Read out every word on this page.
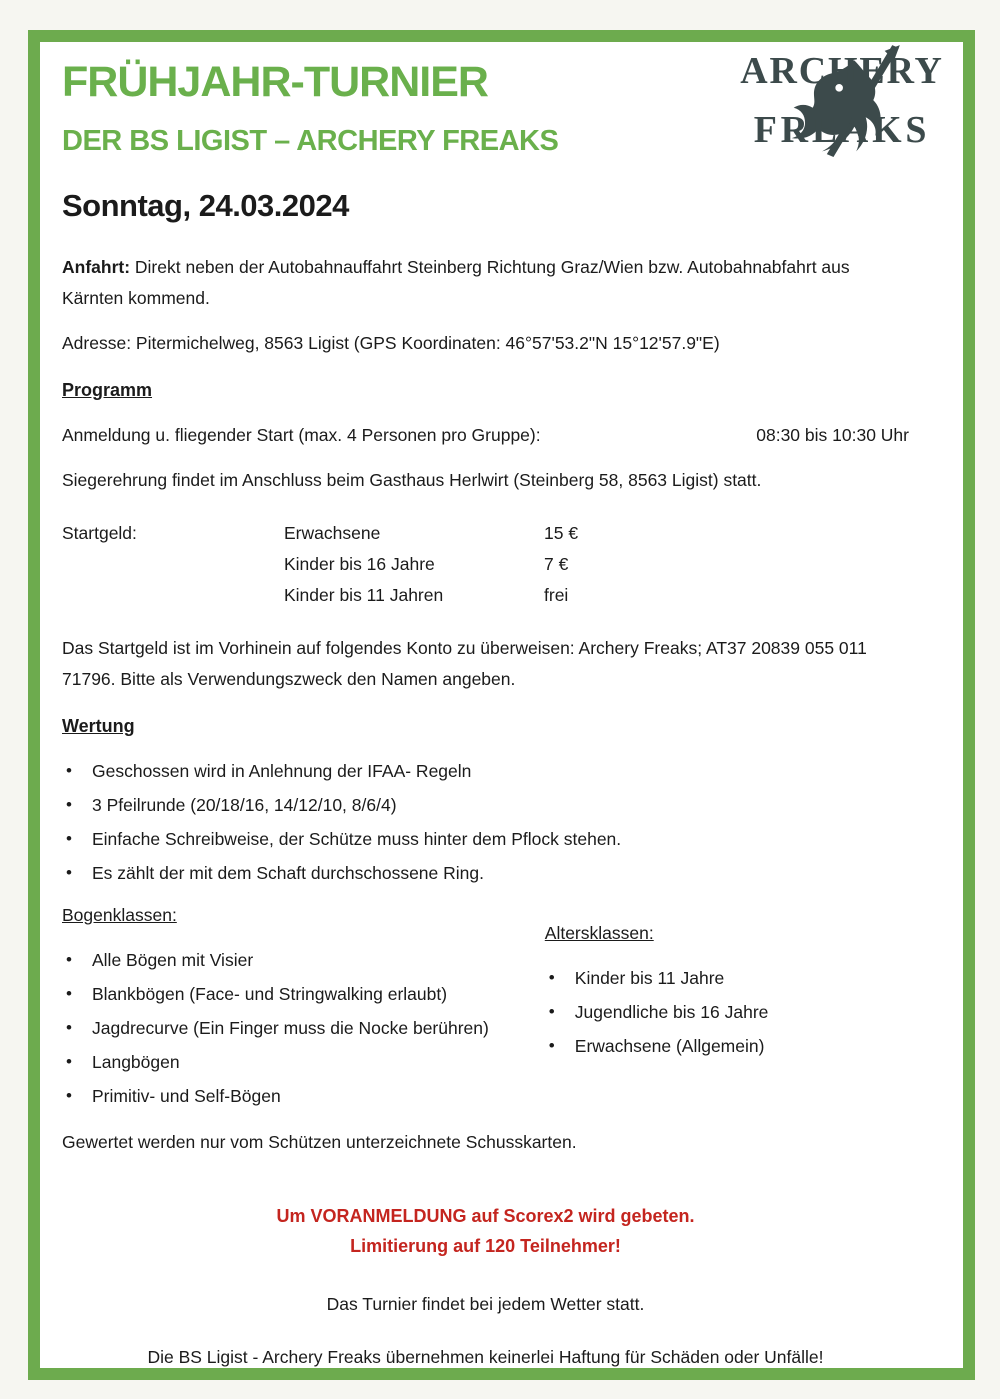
ARCHERY
FREAKS
FRÜHJAHR-TURNIER
DER BS LIGIST – ARCHERY FREAKS
Sonntag, 24.03.2024

Anfahrt: Direkt neben der Autobahnauffahrt Steinberg Richtung Graz/Wien bzw. Autobahnabfahrt aus Kärnten kommend.

Adresse: Pitermichelweg, 8563 Ligist (GPS Koordinaten: 46°57'53.2"N 15°12'57.9"E)

Programm
Anmeldung u. fliegender Start (max. 4 Personen pro Gruppe):	08:30 bis 10:30 Uhr

Siegerehrung findet im Anschluss beim Gasthaus Herlwirt (Steinberg 58, 8563 Ligist) statt.

Startgeld:	Erwachsene	15 €
Kinder bis 16 Jahre	7 €
Kinder bis 11 Jahren	frei

Das Startgeld ist im Vorhinein auf folgendes Konto zu überweisen: Archery Freaks; AT37 20839 055 011 71796. Bitte als Verwendungszweck den Namen angeben.

Wertung
• Geschossen wird in Anlehnung der IFAA- Regeln
• 3 Pfeilrunde (20/18/16, 14/12/10, 8/6/4)
• Einfache Schreibweise, der Schütze muss hinter dem Pflock stehen.
• Es zählt der mit dem Schaft durchschossene Ring.
Bogenklassen:
• Alle Bögen mit Visier
• Blankbögen (Face- und Stringwalking erlaubt)
• Jagdrecurve (Ein Finger muss die Nocke berühren)
• Langbögen
• Primitiv- und Self-Bögen
Altersklassen:
• Kinder bis 11 Jahre
• Jugendliche bis 16 Jahre
• Erwachsene (Allgemein)

Gewertet werden nur vom Schützen unterzeichnete Schusskarten.

Um VORANMELDUNG auf Scorex2 wird gebeten.
Limitierung auf 120 Teilnehmer!

Das Turnier findet bei jedem Wetter statt.

Die BS Ligist - Archery Freaks übernehmen keinerlei Haftung für Schäden oder Unfälle!
